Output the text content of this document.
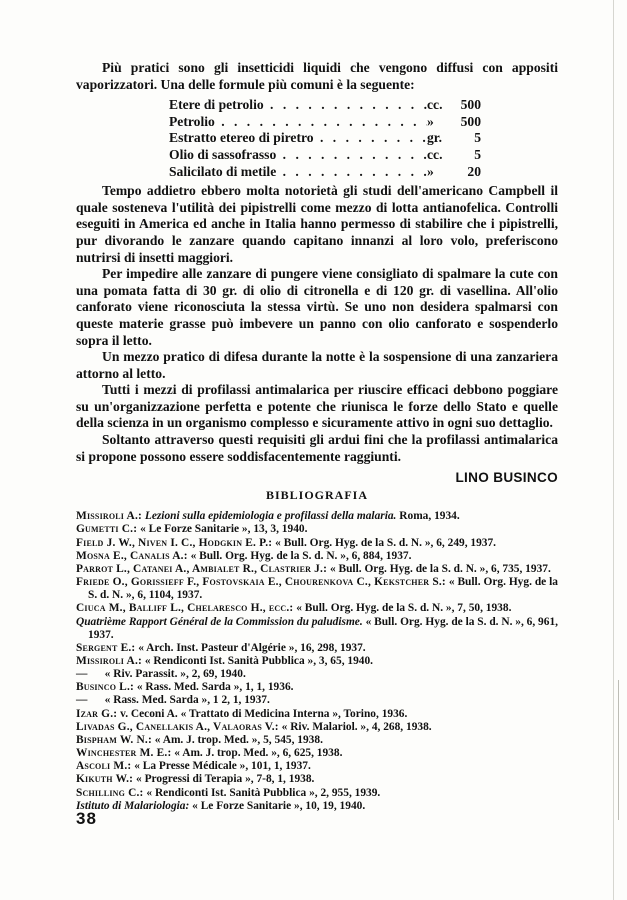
Più pratici sono gli insetticidi liquidi che vengono diffusi con appositi vaporizzatori. Una delle formule più comuni è la seguente:

Etere di petrolio . . .	cc.	500
Petrolio . . .	»	500
Estratto etereo di piretro . . .	gr.	5
Olio di sassofrasso . . .	cc.	5
Salicilato di metile . . .	»	20

Tempo addietro ebbero molta notorietà gli studi dell'americano Campbell il quale sosteneva l'utilità dei pipistrelli come mezzo di lotta antianofelica. Controlli eseguiti in America ed anche in Italia hanno permesso di stabilire che i pipistrelli, pur divorando le zanzare quando capitano innanzi al loro volo, preferiscono nutrirsi di insetti maggiori.

Per impedire alle zanzare di pungere viene consigliato di spalmare la cute con una pomata fatta di 30 gr. di olio di citronella e di 120 gr. di vasellina. All'olio canforato viene riconosciuta la stessa virtù. Se uno non desidera spalmarsi con queste materie grasse può imbevere un panno con olio canforato e sospenderlo sopra il letto.

Un mezzo pratico di difesa durante la notte è la sospensione di una zanzariera attorno al letto.

Tutti i mezzi di profilassi antimalarica per riuscire efficaci debbono poggiare su un'organizzazione perfetta e potente che riunisca le forze dello Stato e quelle della scienza in un organismo complesso e sicuramente attivo in ogni suo dettaglio.

Soltanto attraverso questi requisiti gli ardui fini che la profilassi antimalarica si propone possono essere soddisfacentemente raggiunti.

LINO BUSINCO
BIBLIOGRAFIA
Missiroli A.: Lezioni sulla epidemiologia e profilassi della malaria. Roma, 1934.
Gumetti C.: « Le Forze Sanitarie », 13, 3, 1940.
Field J. W., Niven I. C., Hodgkin E. P.: « Bull. Org. Hyg. de la S. d. N. », 6, 249, 1937.
Mosna E., Canalis A.: « Bull. Org. Hyg. de la S. d. N. », 6, 884, 1937.
Parrot L., Catanei A., Ambialet R., Clastrier J.: « Bull. Org. Hyg. de la S. d. N. », 6, 735, 1937.
Friede O., Gorissieff F., Fostovskaia E., Chourenkova C., Kekstcher S.: « Bull. Org. Hyg. de la S. d. N. », 6, 1104, 1937.
Ciuca M., Balliff L., Chelaresco H., ecc.: « Bull. Org. Hyg. de la S. d. N. », 7, 50, 1938.
Quatrième Rapport Général de la Commission du paludisme. « Bull. Org. Hyg. de la S. d. N. », 6, 961, 1937.
Sergent E.: « Arch. Inst. Pasteur d'Algérie », 16, 298, 1937.
Missiroli A.: « Rendiconti Ist. Sanità Pubblica », 3, 65, 1940.
—      « Riv. Parassit. », 2, 69, 1940.
Businco L.: « Rass. Med. Sarda », 1, 1, 1936.
—      « Rass. Med. Sarda », 1 2, 1, 1937.
Izar G.: v. Ceconi A. « Trattato di Medicina Interna », Torino, 1936.
Livadas G., Canellakis A., Valaoras V.: « Riv. Malariol. », 4, 268, 1938.
Bispham W. N.: « Am. J. trop. Med. », 5, 545, 1938.
Winchester M. E.: « Am. J. trop. Med. », 6, 625, 1938.
Ascoli M.: « La Presse Médicale », 101, 1, 1937.
Kikuth W.: « Progressi di Terapia », 7-8, 1, 1938.
Schilling C.: « Rendiconti Ist. Sanità Pubblica », 2, 955, 1939.
Istituto di Malariologia: « Le Forze Sanitarie », 10, 19, 1940.
38
